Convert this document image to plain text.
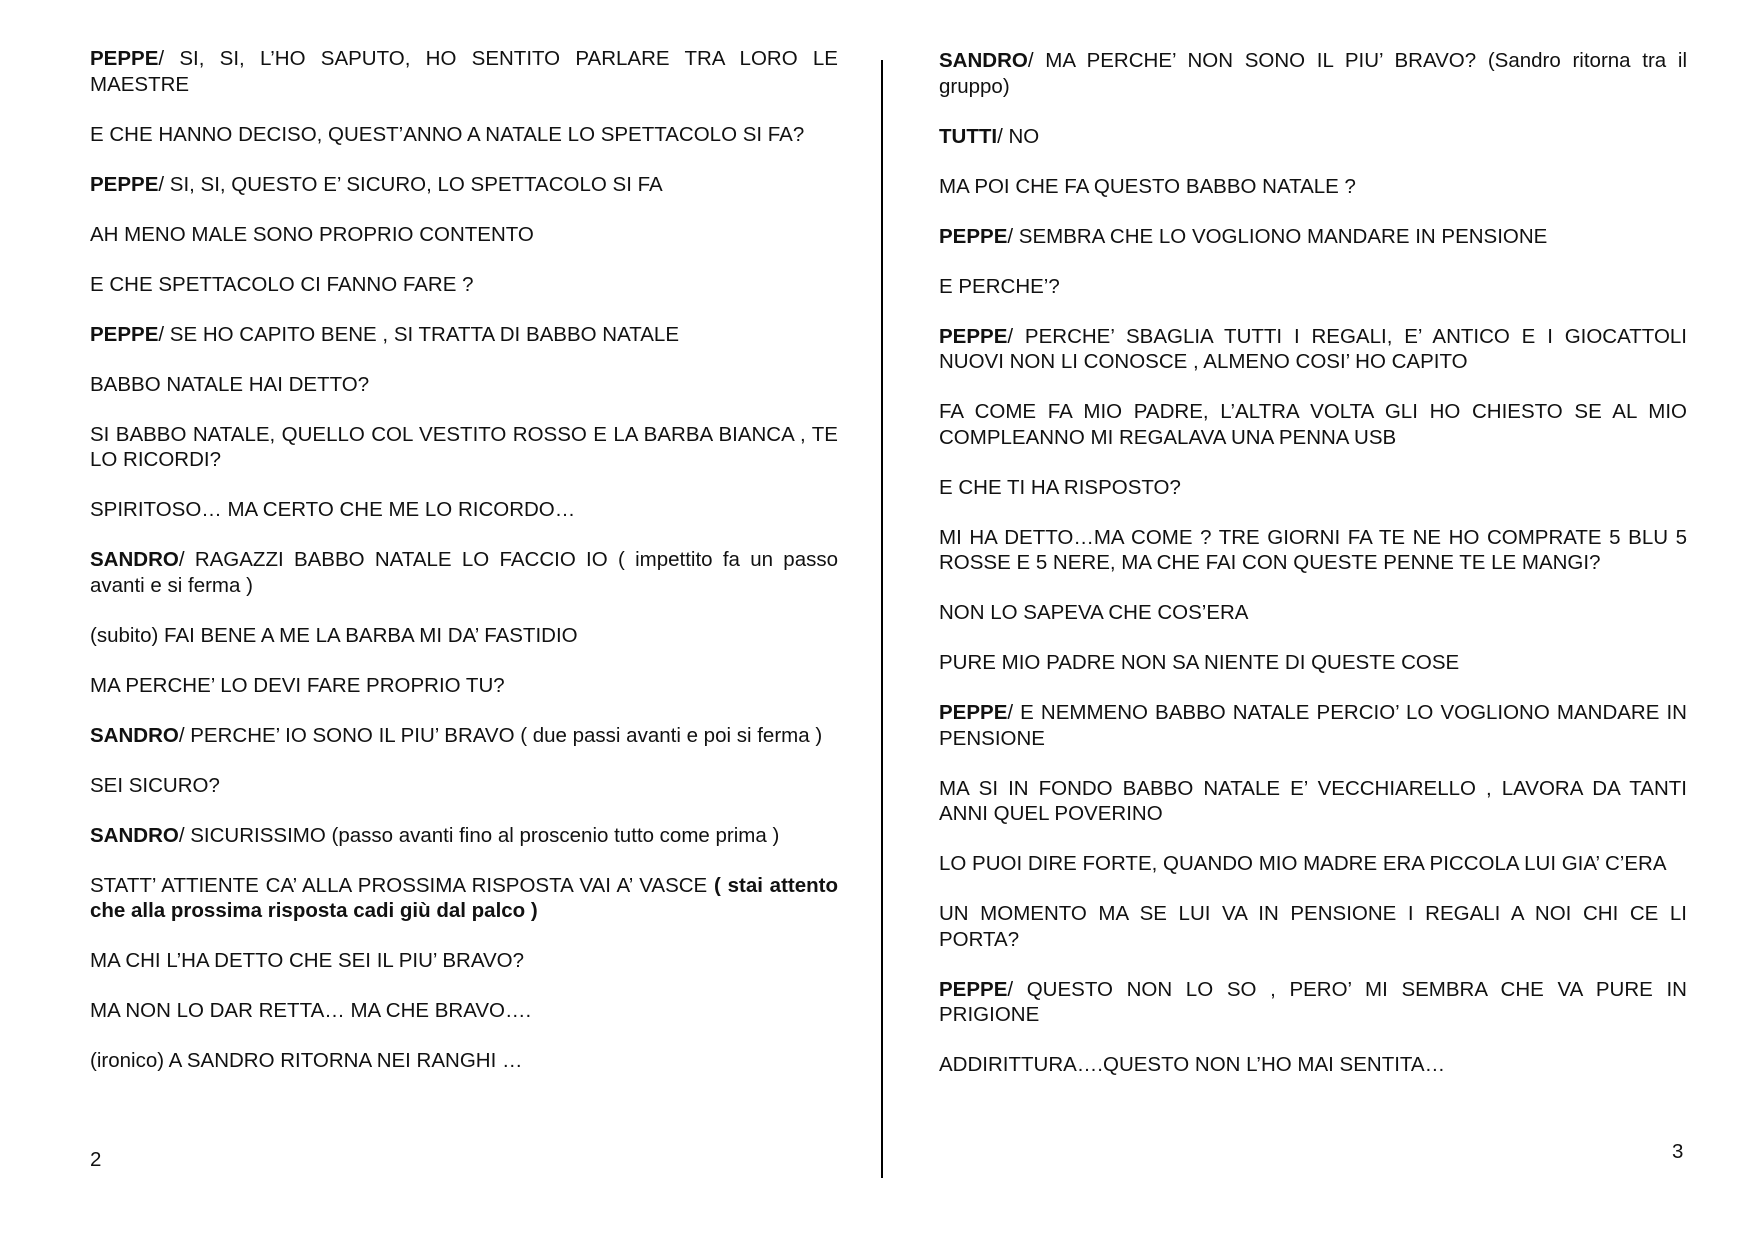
PEPPE/ SI, SI, L’HO SAPUTO, HO SENTITO PARLARE TRA LORO LE MAESTRE

E CHE HANNO DECISO, QUEST’ANNO A NATALE LO SPETTACOLO SI FA?

PEPPE/ SI, SI, QUESTO E’ SICURO, LO SPETTACOLO SI FA

AH MENO MALE SONO PROPRIO CONTENTO

E CHE SPETTACOLO CI FANNO FARE ?

PEPPE/ SE HO CAPITO BENE , SI TRATTA DI BABBO NATALE

BABBO NATALE HAI DETTO?

SI BABBO NATALE, QUELLO COL VESTITO ROSSO E LA BARBA BIANCA , TE LO RICORDI?

SPIRITOSO… MA CERTO CHE ME LO RICORDO…

SANDRO/ RAGAZZI BABBO NATALE LO FACCIO IO ( impettito fa un passo avanti e si ferma )

(subito) FAI BENE A ME LA BARBA MI DA’ FASTIDIO

MA PERCHE’ LO DEVI FARE PROPRIO TU?

SANDRO/ PERCHE’ IO SONO IL PIU’ BRAVO ( due passi avanti e poi si ferma )

SEI SICURO?

SANDRO/ SICURISSIMO (passo avanti fino al proscenio tutto come prima )

STATT’ ATTIENTE CA’ ALLA PROSSIMA RISPOSTA VAI A’ VASCE ( stai attento che alla prossima risposta cadi giù dal palco )

MA CHI L’HA DETTO CHE SEI IL PIU’ BRAVO?

MA NON LO DAR RETTA… MA CHE BRAVO….

(ironico) A SANDRO RITORNA NEI RANGHI …

SANDRO/ MA PERCHE’ NON SONO IL PIU’ BRAVO? (Sandro ritorna tra il gruppo)

TUTTI/ NO

MA POI CHE FA QUESTO BABBO NATALE ?

PEPPE/ SEMBRA CHE LO VOGLIONO MANDARE IN PENSIONE

E PERCHE’?

PEPPE/ PERCHE’ SBAGLIA TUTTI I REGALI, E’ ANTICO E I GIOCATTOLI NUOVI NON LI CONOSCE , ALMENO COSI’ HO CAPITO

FA COME FA MIO PADRE, L’ALTRA VOLTA GLI HO CHIESTO SE AL MIO COMPLEANNO MI REGALAVA UNA PENNA USB

E CHE TI HA RISPOSTO?

MI HA DETTO…MA COME ? TRE GIORNI FA TE NE HO COMPRATE 5 BLU 5 ROSSE E 5 NERE, MA CHE FAI CON QUESTE PENNE TE LE MANGI?

NON LO SAPEVA CHE COS’ERA

PURE MIO PADRE NON SA NIENTE DI QUESTE COSE

PEPPE/ E NEMMENO BABBO NATALE PERCIO’ LO VOGLIONO MANDARE IN PENSIONE

MA SI IN FONDO BABBO NATALE E’ VECCHIARELLO , LAVORA DA TANTI ANNI QUEL POVERINO

LO PUOI DIRE FORTE, QUANDO MIO MADRE ERA PICCOLA LUI GIA’ C’ERA

UN MOMENTO MA SE LUI VA IN PENSIONE I REGALI A NOI CHI CE LI PORTA?

PEPPE/ QUESTO NON LO SO , PERO’ MI SEMBRA CHE VA PURE IN PRIGIONE

ADDIRITTURA….QUESTO NON L’HO MAI SENTITA…

2	3
